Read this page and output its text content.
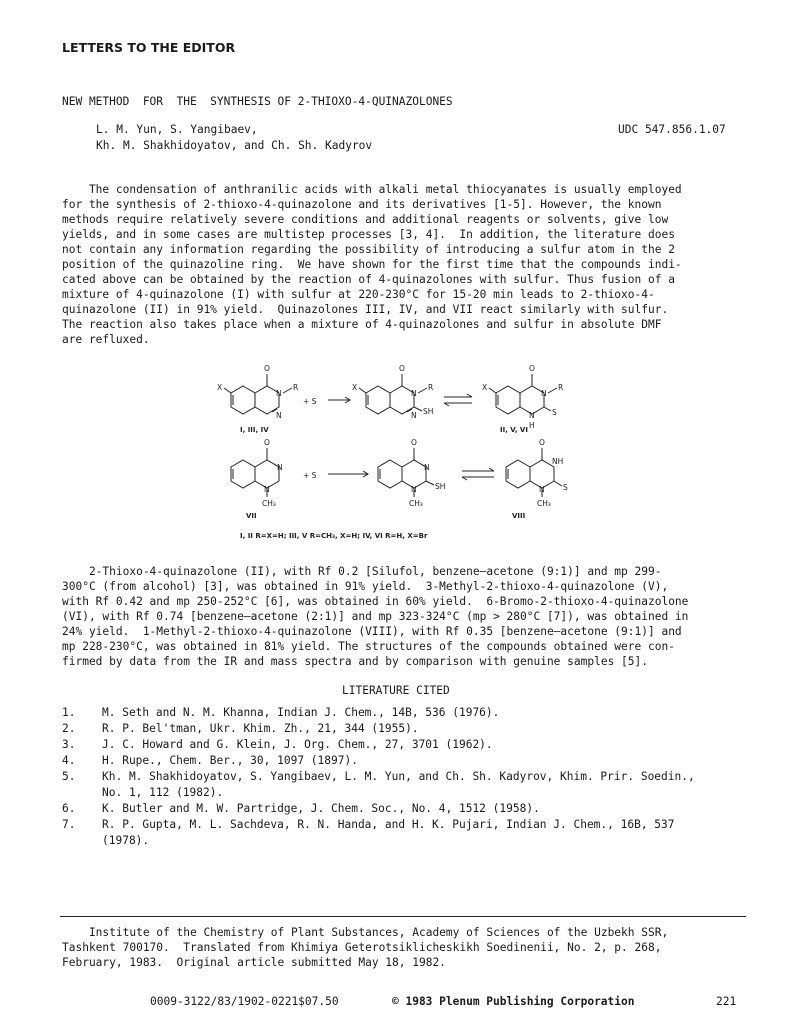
LETTERS TO THE EDITOR
NEW METHOD  FOR  THE  SYNTHESIS OF 2-THIOXO-4-QUINAZOLONES
L. M. Yun, S. Yangibaev,
Kh. M. Shakhidoyatov, and Ch. Sh. Kadyrov
UDC 547.856.1.07
The condensation of anthranilic acids with alkali metal thiocyanates is usually employed
for the synthesis of 2-thioxo-4-quinazolone and its derivatives [1-5]. However, the known
methods require relatively severe conditions and additional reagents or solvents, give low
yields, and in some cases are multistep processes [3, 4].  In addition, the literature does
not contain any information regarding the possibility of introducing a sulfur atom in the 2
position of the quinazoline ring.  We have shown for the first time that the compounds indi-
cated above can be obtained by the reaction of 4-quinazolones with sulfur. Thus fusion of a
mixture of 4-quinazolone (I) with sulfur at 220-230°C for 15-20 min leads to 2-thioxo-4-
quinazolone (II) in 91% yield.  Quinazolones III, IV, and VII react similarly with sulfur.
The reaction also takes place when a mixture of 4-quinazolones and sulfur in absolute DMF
are refluxed.
O
N
R
X
N
+ S
O
N
R
X
N SH
O
N
R
X
N
H
S
O
N
N
CH₃
+ S
O
N
N
CH₃
SH
O
NH
N
CH₃
S
I, III, IV	II, V, VI
VII	VIII
I, II R=X=H; III, V R=CH₃, X=H; IV, VI R=H, X=Br
2-Thioxo-4-quinazolone (II), with Rf 0.2 [Silufol, benzene—acetone (9:1)] and mp 299-
300°C (from alcohol) [3], was obtained in 91% yield.  3-Methyl-2-thioxo-4-quinazolone (V),
with Rf 0.42 and mp 250-252°C [6], was obtained in 60% yield.  6-Bromo-2-thioxo-4-quinazolone
(VI), with Rf 0.74 [benzene—acetone (2:1)] and mp 323-324°C (mp > 280°C [7]), was obtained in
24% yield.  1-Methyl-2-thioxo-4-quinazolone (VIII), with Rf 0.35 [benzene—acetone (9:1)] and
mp 228-230°C, was obtained in 81% yield. The structures of the compounds obtained were con-
firmed by data from the IR and mass spectra and by comparison with genuine samples [5].
LITERATURE CITED
1. M. Seth and N. M. Khanna, Indian J. Chem., 14B, 536 (1976).
2. R. P. Bel'tman, Ukr. Khim. Zh., 21, 344 (1955).
3. J. C. Howard and G. Klein, J. Org. Chem., 27, 3701 (1962).
4. H. Rupe., Chem. Ber., 30, 1097 (1897).
5. Kh. M. Shakhidoyatov, S. Yangibaev, L. M. Yun, and Ch. Sh. Kadyrov, Khim. Prir. Soedin.,
No. 1, 112 (1982).
6. K. Butler and M. W. Partridge, J. Chem. Soc., No. 4, 1512 (1958).
7. R. P. Gupta, M. L. Sachdeva, R. N. Handa, and H. K. Pujari, Indian J. Chem., 16B, 537
(1978).
Institute of the Chemistry of Plant Substances, Academy of Sciences of the Uzbekh SSR,
Tashkent 700170.  Translated from Khimiya Geterotsiklicheskikh Soedinenii, No. 2, p. 268,
February, 1983.  Original article submitted May 18, 1982.
0009-3122/83/1902-0221$07.50	© 1983 Plenum Publishing Corporation	221
